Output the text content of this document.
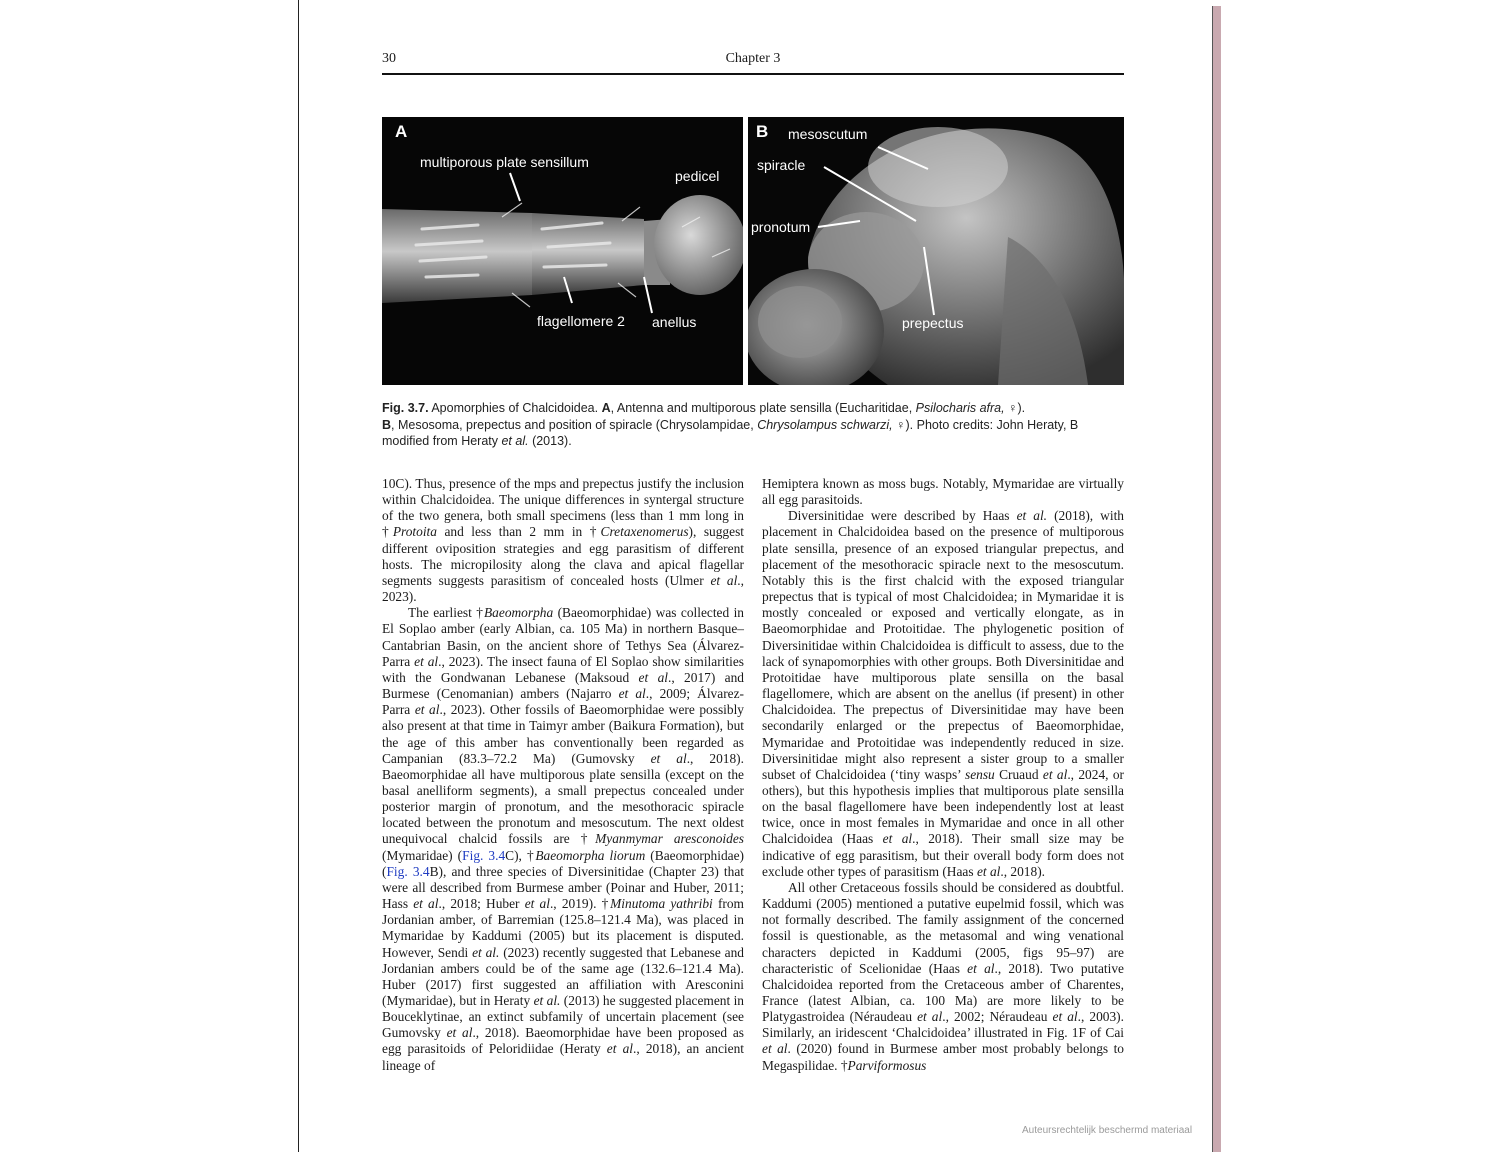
30	Chapter 3
A
multiporous plate sensillum
pedicel
flagellomere 2 anellus
B mesoscutum
spiracle
pronotum
prepectus
Fig. 3.7. Apomorphies of Chalcidoidea. A, Antenna and multiporous plate sensilla (Eucharitidae, Psilocharis afra, ♀).
B, Mesosoma, prepectus and position of spiracle (Chrysolampidae, Chrysolampus schwarzi, ♀). Photo credits: John Heraty, B modified from Heraty et al. (2013).

10C). Thus, presence of the mps and prepectus justify the inclusion within Chalcidoidea. The unique differences in syntergal structure of the two genera, both small specimens (less than 1 mm long in †Protoita and less than 2 mm in †Cretaxenomerus), suggest different oviposition strategies and egg parasitism of different hosts. The micropilosity along the clava and apical flagellar segments suggests parasitism of concealed hosts (Ulmer et al., 2023).

The earliest †Baeomorpha (Baeomorphidae) was collected in El Soplao amber (early Albian, ca. 105 Ma) in northern Basque–Cantabrian Basin, on the ancient shore of Tethys Sea (Álvarez-Parra et al., 2023). The insect fauna of El Soplao show similarities with the Gondwanan Lebanese (Maksoud et al., 2017) and Burmese (Cenomanian) ambers (Najarro et al., 2009; Álvarez-Parra et al., 2023). Other fossils of Baeomorphidae were possibly also present at that time in Taimyr amber (Baikura Formation), but the age of this amber has conventionally been regarded as Campanian (83.3–72.2 Ma) (Gumovsky et al., 2018). Baeomorphidae all have multiporous plate sensilla (except on the basal anelliform segments), a small prepectus concealed under posterior margin of pronotum, and the mesothoracic spiracle located between the pronotum and mesoscutum. The next oldest unequivocal chalcid fossils are †Myanmymar aresconoides (Mymaridae) (Fig. 3.4C), †Baeomorpha liorum (Baeomorphidae) (Fig. 3.4B), and three species of Diversinitidae (Chapter 23) that were all described from Burmese amber (Poinar and Huber, 2011; Hass et al., 2018; Huber et al., 2019). †Minutoma yathribi from Jordanian amber, of Barremian (125.8–121.4 Ma), was placed in Mymaridae by Kaddumi (2005) but its placement is disputed. However, Sendi et al. (2023) recently suggested that Lebanese and Jordanian ambers could be of the same age (132.6–121.4 Ma). Huber (2017) first suggested an affiliation with Aresconini (Mymaridae), but in Heraty et al. (2013) he suggested placement in Bouceklytinae, an extinct subfamily of uncertain placement (see Gumovsky et al., 2018). Baeomorphidae have been proposed as egg parasitoids of Peloridiidae (Heraty et al., 2018), an ancient lineage of

Hemiptera known as moss bugs. Notably, Mymaridae are virtually all egg parasitoids.

Diversinitidae were described by Haas et al. (2018), with placement in Chalcidoidea based on the presence of multiporous plate sensilla, presence of an exposed triangular prepectus, and placement of the mesothoracic spiracle next to the mesoscutum. Notably this is the first chalcid with the exposed triangular prepectus that is typical of most Chalcidoidea; in Mymaridae it is mostly concealed or exposed and vertically elongate, as in Baeomorphidae and Protoitidae. The phylogenetic position of Diversinitidae within Chalcidoidea is difficult to assess, due to the lack of synapomorphies with other groups. Both Diversinitidae and Protoitidae have multiporous plate sensilla on the basal flagellomere, which are absent on the anellus (if present) in other Chalcidoidea. The prepectus of Diversinitidae may have been secondarily enlarged or the prepectus of Baeomorphidae, Mymaridae and Protoitidae was independently reduced in size. Diversinitidae might also represent a sister group to a smaller subset of Chalcidoidea (‘tiny wasps’ sensu Cruaud et al., 2024, or others), but this hypothesis implies that multiporous plate sensilla on the basal flagellomere have been independently lost at least twice, once in most females in Mymaridae and once in all other Chalcidoidea (Haas et al., 2018). Their small size may be indicative of egg parasitism, but their overall body form does not exclude other types of parasitism (Haas et al., 2018).

All other Cretaceous fossils should be considered as doubtful. Kaddumi (2005) mentioned a putative eupelmid fossil, which was not formally described. The family assignment of the concerned fossil is questionable, as the metasomal and wing venational characters depicted in Kaddumi (2005, figs 95–97) are characteristic of Scelionidae (Haas et al., 2018). Two putative Chalcidoidea reported from the Cretaceous amber of Charentes, France (latest Albian, ca. 100 Ma) are more likely to be Platygastroidea (Néraudeau et al., 2002; Néraudeau et al., 2003). Similarly, an iridescent ‘Chalcidoidea’ illustrated in Fig. 1F of Cai et al. (2020) found in Burmese amber most probably belongs to Megaspilidae. †Parviformosus

Auteursrechtelijk beschermd materiaal
